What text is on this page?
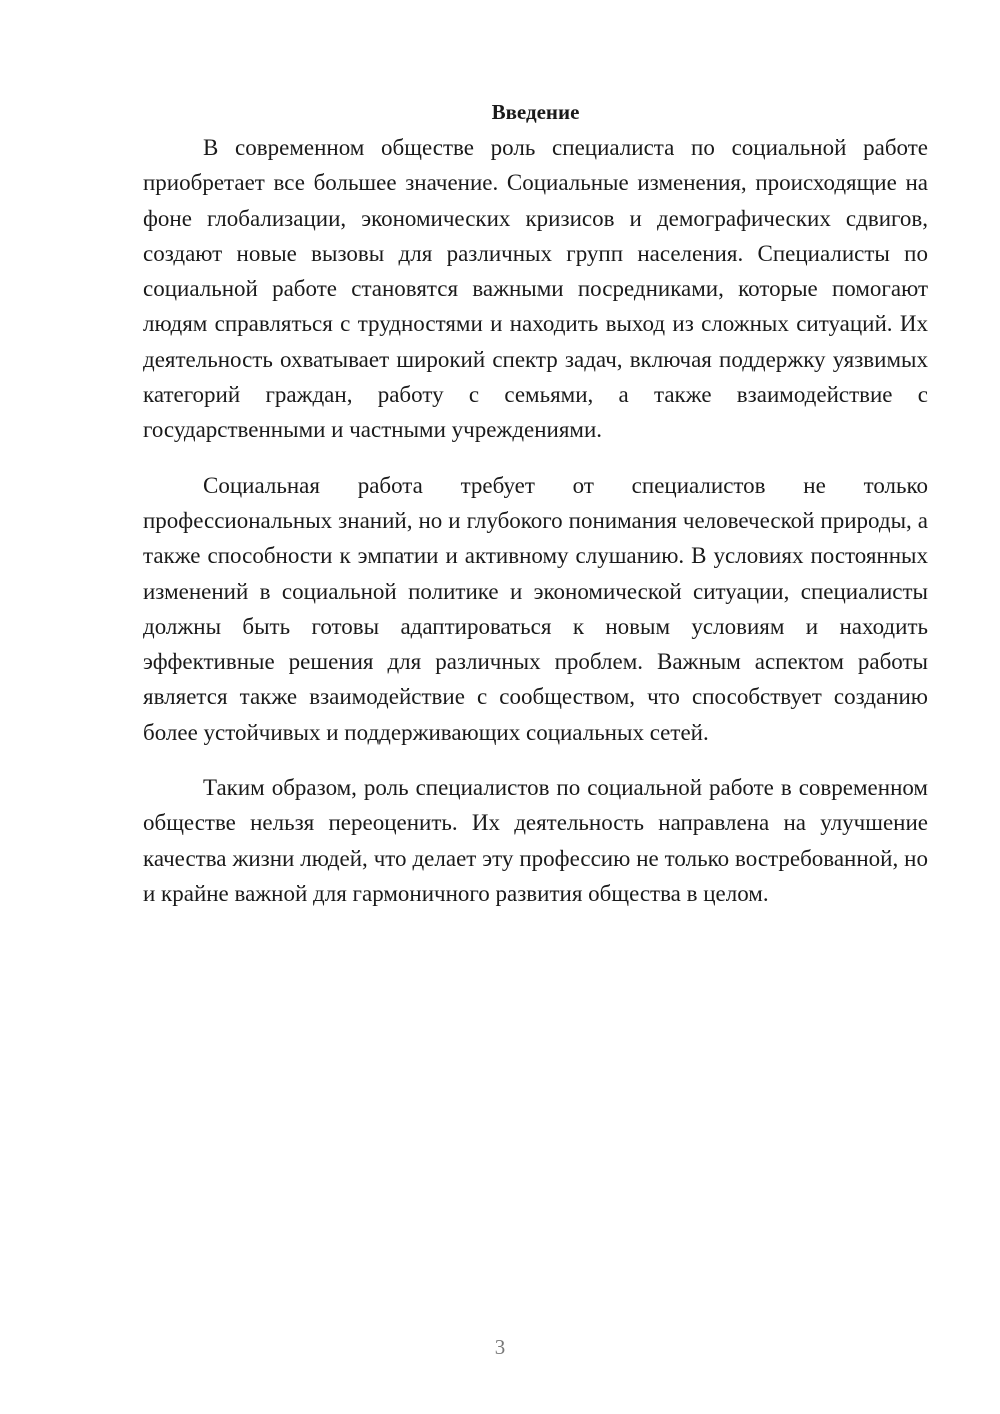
Введение

В современном обществе роль специалиста по социальной работе приобретает все большее значение. Социальные изменения, происходящие на фоне глобализации, экономических кризисов и демографических сдвигов, создают новые вызовы для различных групп населения. Специалисты по социальной работе становятся важными посредниками, которые помогают людям справляться с трудностями и находить выход из сложных ситуаций. Их деятельность охватывает широкий спектр задач, включая поддержку уязвимых категорий граждан, работу с семьями, а также взаимодействие с государственными и частными учреждениями.

Социальная работа требует от специалистов не только профессиональных знаний, но и глубокого понимания человеческой природы, а также способности к эмпатии и активному слушанию. В условиях постоянных изменений в социальной политике и экономической ситуации, специалисты должны быть готовы адаптироваться к новым условиям и находить эффективные решения для различных проблем. Важным аспектом работы является также взаимодействие с сообществом, что способствует созданию более устойчивых и поддерживающих социальных сетей.

Таким образом, роль специалистов по социальной работе в современном обществе нельзя переоценить. Их деятельность направлена на улучшение качества жизни людей, что делает эту профессию не только востребованной, но и крайне важной для гармоничного развития общества в целом.

3
